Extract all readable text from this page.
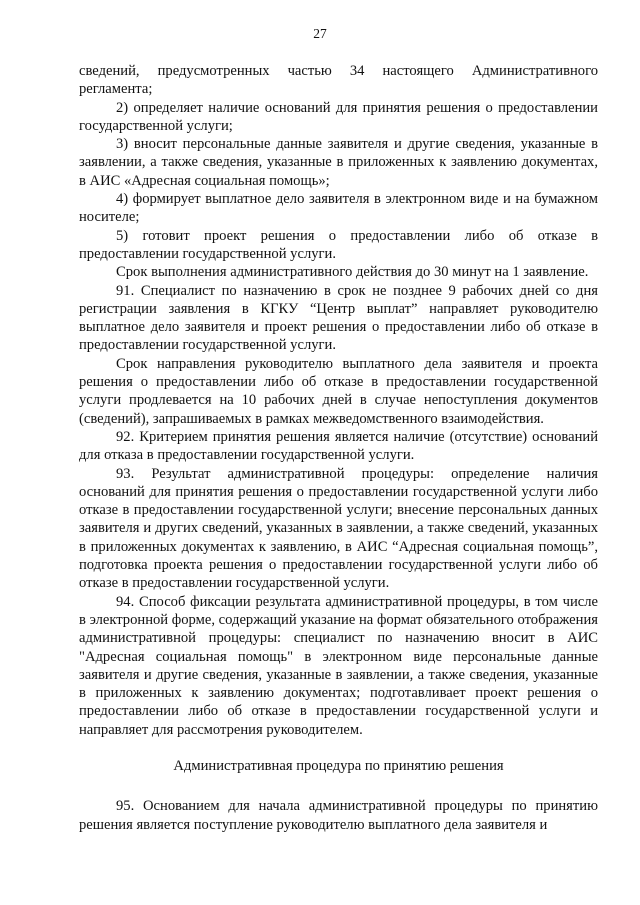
27

сведений, предусмотренных частью 34 настоящего Административного регламента;

2) определяет наличие оснований для принятия решения о предоставлении государственной услуги;

3) вносит персональные данные заявителя и другие сведения, указанные в заявлении, а также сведения, указанные в приложенных к заявлению документах, в АИС «Адресная социальная помощь»;

4) формирует выплатное дело заявителя в электронном виде и на бумажном носителе;

5) готовит проект решения о предоставлении либо об отказе в предоставлении государственной услуги.

Срок выполнения административного действия до 30 минут на 1 заявление.

91. Специалист по назначению в срок не позднее 9 рабочих дней со дня регистрации заявления в КГКУ “Центр выплат” направляет руководителю выплатное дело заявителя и проект решения о предоставлении либо об отказе в предоставлении государственной услуги.

Срок направления руководителю выплатного дела заявителя и проекта решения о предоставлении либо об отказе в предоставлении государственной услуги продлевается на 10 рабочих дней в случае непоступления документов (сведений), запрашиваемых в рамках межведомственного взаимодействия.

92. Критерием принятия решения является наличие (отсутствие) оснований для отказа в предоставлении государственной услуги.

93. Результат административной процедуры: определение наличия оснований для принятия решения о предоставлении государственной услуги либо отказе в предоставлении государственной услуги; внесение персональных данных заявителя и других сведений, указанных в заявлении, а также сведений, указанных в приложенных документах к заявлению, в АИС “Адресная социальная помощь”, подготовка проекта решения о предоставлении государственной услуги либо об отказе в предоставлении государственной услуги.

94. Способ фиксации результата административной процедуры, в том числе в электронной форме, содержащий указание на формат обязательного отображения административной процедуры: специалист по назначению вносит в АИС "Адресная социальная помощь" в электронном виде персональные данные заявителя и другие сведения, указанные в заявлении, а также сведения, указанные в приложенных к заявлению документах; подготавливает проект решения о предоставлении либо об отказе в предоставлении государственной услуги и направляет для рассмотрения руководителем.

Административная процедура по принятию решения

95. Основанием для начала административной процедуры по принятию решения является поступление руководителю выплатного дела заявителя и
